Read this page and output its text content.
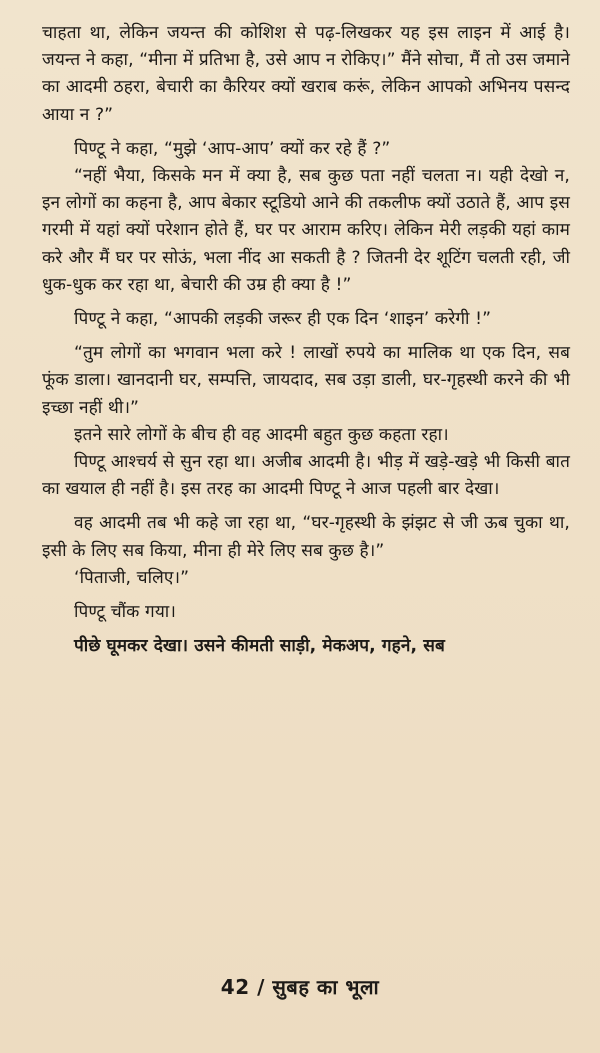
चाहता था, लेकिन जयन्त की कोशिश से पढ़-लिखकर यह इस लाइन में आई है। जयन्त ने कहा, “मीना में प्रतिभा है, उसे आप न रोकिए।” मैंने सोचा, मैं तो उस जमाने का आदमी ठहरा, बेचारी का कैरियर क्यों खराब करूं, लेकिन आपको अभिनय पसन्द आया न ?”

पिण्टू ने कहा, “मुझे ‘आप-आप’ क्यों कर रहे हैं ?”

“नहीं भैया, किसके मन में क्या है, सब कुछ पता नहीं चलता न। यही देखो न, इन लोगों का कहना है, आप बेकार स्टूडियो आने की तकलीफ क्यों उठाते हैं, आप इस गरमी में यहां क्यों परेशान होते हैं, घर पर आराम करिए। लेकिन मेरी लड़की यहां काम करे और मैं घर पर सोऊं, भला नींद आ सकती है ? जितनी देर शूटिंग चलती रही, जी धुक-धुक कर रहा था, बेचारी की उम्र ही क्या है !”

पिण्टू ने कहा, “आपकी लड़की जरूर ही एक दिन ‘शाइन’ करेगी !”

“तुम लोगों का भगवान भला करे ! लाखों रुपये का मालिक था एक दिन, सब फूंक डाला। खानदानी घर, सम्पत्ति, जायदाद, सब उड़ा डाली, घर-गृहस्थी करने की भी इच्छा नहीं थी।”

इतने सारे लोगों के बीच ही वह आदमी बहुत कुछ कहता रहा।

पिण्टू आश्चर्य से सुन रहा था। अजीब आदमी है। भीड़ में खड़े-खड़े भी किसी बात का खयाल ही नहीं है। इस तरह का आदमी पिण्टू ने आज पहली बार देखा।

वह आदमी तब भी कहे जा रहा था, “घर-गृहस्थी के झंझट से जी ऊब चुका था, इसी के लिए सब किया, मीना ही मेरे लिए सब कुछ है।”

‘पिताजी, चलिए।”

पिण्टू चौंक गया।

पीछे घूमकर देखा। उसने कीमती साड़ी, मेकअप, गहने, सब

42 / सुबह का भूला
